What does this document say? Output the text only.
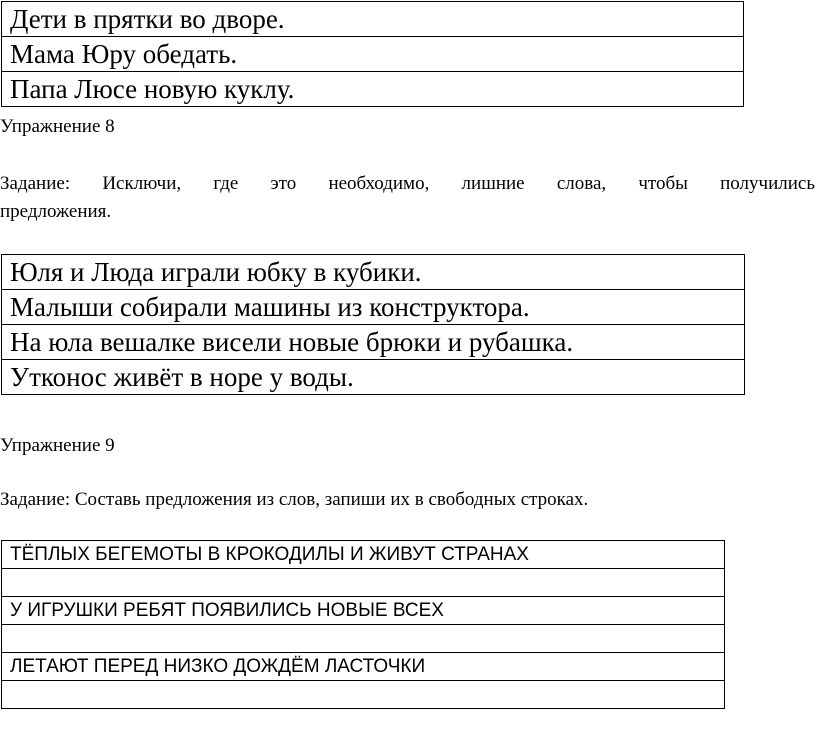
Дети в прятки во дворе.
Мама Юру обедать.
Папа Люсе новую куклу.
Упражнение 8
Задание: Исключи, где это необходимо, лишние слова, чтобы получились
предложения.
Юля и Люда играли юбку в кубики.
Малыши собирали машины из конструктора.
На юла вешалке висели новые брюки и рубашка.
Утконос живёт в норе у воды.
Упражнение 9
Задание: Составь предложения из слов, запиши их в свободных строках.
ТЁПЛЫХ БЕГЕМОТЫ В КРОКОДИЛЫ И ЖИВУТ СТРАНАХ

У ИГРУШКИ РЕБЯТ ПОЯВИЛИСЬ НОВЫЕ ВСЕХ

ЛЕТАЮТ ПЕРЕД НИЗКО ДОЖДЁМ ЛАСТОЧКИ
